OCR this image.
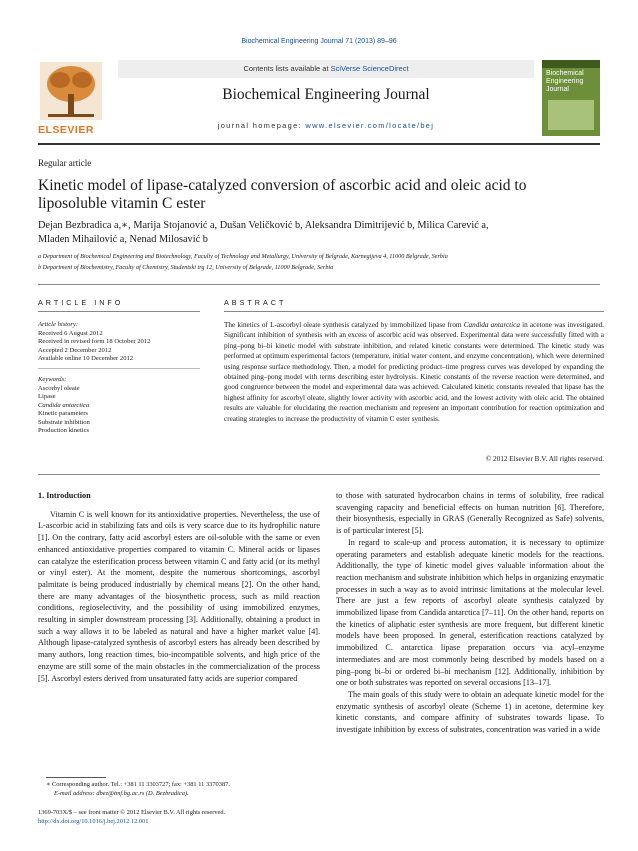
Biochemical Engineering Journal 71 (2013) 89–96
ELSEVIER
Contents lists available at SciVerse ScienceDirect
Biochemical Engineering Journal
journal homepage: www.elsevier.com/locate/bej
Biochemical Engineering Journal
Regular article
Kinetic model of lipase-catalyzed conversion of ascorbic acid and oleic acid to liposoluble vitamin C ester
Dejan Bezbradica a,∗, Marija Stojanović a, Dušan Veličković b, Aleksandra Dimitrijević b, Milica Carević a,
Mladen Mihailović a, Nenad Milosavić b
a Department of Biochemical Engineering and Biotechnology, Faculty of Technology and Metallurgy, University of Belgrade, Karnegijeva 4, 11000 Belgrade, Serbia
b Department of Biochemistry, Faculty of Chemistry, Studentski trg 12, University of Belgrade, 11000 Belgrade, Serbia
ARTICLE INFO	ABSTRACT
Article history:
Received 6 August 2012
Received in revised form 18 October 2012
Accepted 2 December 2012
Available online 10 December 2012
Keywords:
Ascorbyl oleate
Lipase
Candida antarctica
Kinetic parameters
Substrate inhibition
Production kinetics
The kinetics of L-ascorbyl oleate synthesis catalyzed by immobilized lipase from Candida antarctica in acetone was investigated. Significant inhibition of synthesis with an excess of ascorbic acid was observed. Experimental data were successfully fitted with a ping–pong bi–bi kinetic model with substrate inhibition, and related kinetic constants were determined. The kinetic study was performed at optimum experimental factors (temperature, initial water content, and enzyme concentration), which were determined using response surface methodology. Then, a model for predicting product–time progress curves was developed by expanding the obtained ping–pong model with terms describing ester hydrolysis. Kinetic constants of the reverse reaction were determined, and good congruence between the model and experimental data was achieved. Calculated kinetic constants revealed that lipase has the highest affinity for ascorbyl oleate, slightly lower activity with ascorbic acid, and the lowest activity with oleic acid. The obtained results are valuable for elucidating the reaction mechanism and represent an important contribution for reaction optimization and creating strategies to increase the productivity of vitamin C ester synthesis.
© 2012 Elsevier B.V. All rights reserved.
1. Introduction

Vitamin C is well known for its antioxidative properties. Nevertheless, the use of L-ascorbic acid in stabilizing fats and oils is very scarce due to its hydrophilic nature [1]. On the contrary, fatty acid ascorbyl esters are oil-soluble with the same or even enhanced antioxidative properties compared to vitamin C. Mineral acids or lipases can catalyze the esterification process between vitamin C and fatty acid (or its methyl or vinyl ester). At the moment, despite the numerous shortcomings, ascorbyl palmitate is being produced industrially by chemical means [2]. On the other hand, there are many advantages of the biosynthetic process, such as mild reaction conditions, regioselectivity, and the possibility of using immobilized enzymes, resulting in simpler downstream processing [3]. Additionally, obtaining a product in such a way allows it to be labeled as natural and have a higher market value [4]. Although lipase-catalyzed synthesis of ascorbyl esters has already been described by many authors, long reaction times, bio-incompatible solvents, and high price of the enzyme are still some of the main obstacles in the commercialization of the process [5]. Ascorbyl esters derived from unsaturated fatty acids are superior compared

to those with saturated hydrocarbon chains in terms of solubility, free radical scavenging capacity and beneficial effects on human nutrition [6]. Therefore, their biosynthesis, especially in GRAS (Generally Recognized as Safe) solvents, is of particular interest [5].

In regard to scale-up and process automation, it is necessary to optimize operating parameters and establish adequate kinetic models for the reactions. Additionally, the type of kinetic model gives valuable information about the reaction mechanism and substrate inhibition which helps in organizing enzymatic processes in such a way as to avoid intrinsic limitations at the molecular level. There are just a few reports of ascorbyl oleate synthesis catalyzed by immobilized lipase from Candida antarctica [7–11]. On the other hand, reports on the kinetics of aliphatic ester synthesis are more frequent, but different kinetic models have been proposed. In general, esterification reactions catalyzed by immobilized C. antarctica lipase preparation occurs via acyl–enzyme intermediates and are most commonly being described by models based on a ping–pong bi–bi or ordered bi–bi mechanism [12]. Additionally, inhibition by one or both substrates was reported on several occasions [13–17].

The main goals of this study were to obtain an adequate kinetic model for the enzymatic synthesis of ascorbyl oleate (Scheme 1) in acetone, determine key kinetic constants, and compare affinity of substrates towards lipase. To investigate inhibition by excess of substrates, concentration was varied in a wide

∗ Corresponding author. Tel.: +381 11 3303727; fax: +381 11 3370387.
E-mail address: dbez@tmf.bg.ac.rs (D. Bezbradica).
1369-703X/$ – see front matter © 2012 Elsevier B.V. All rights reserved.
http://dx.doi.org/10.1016/j.bej.2012.12.001
